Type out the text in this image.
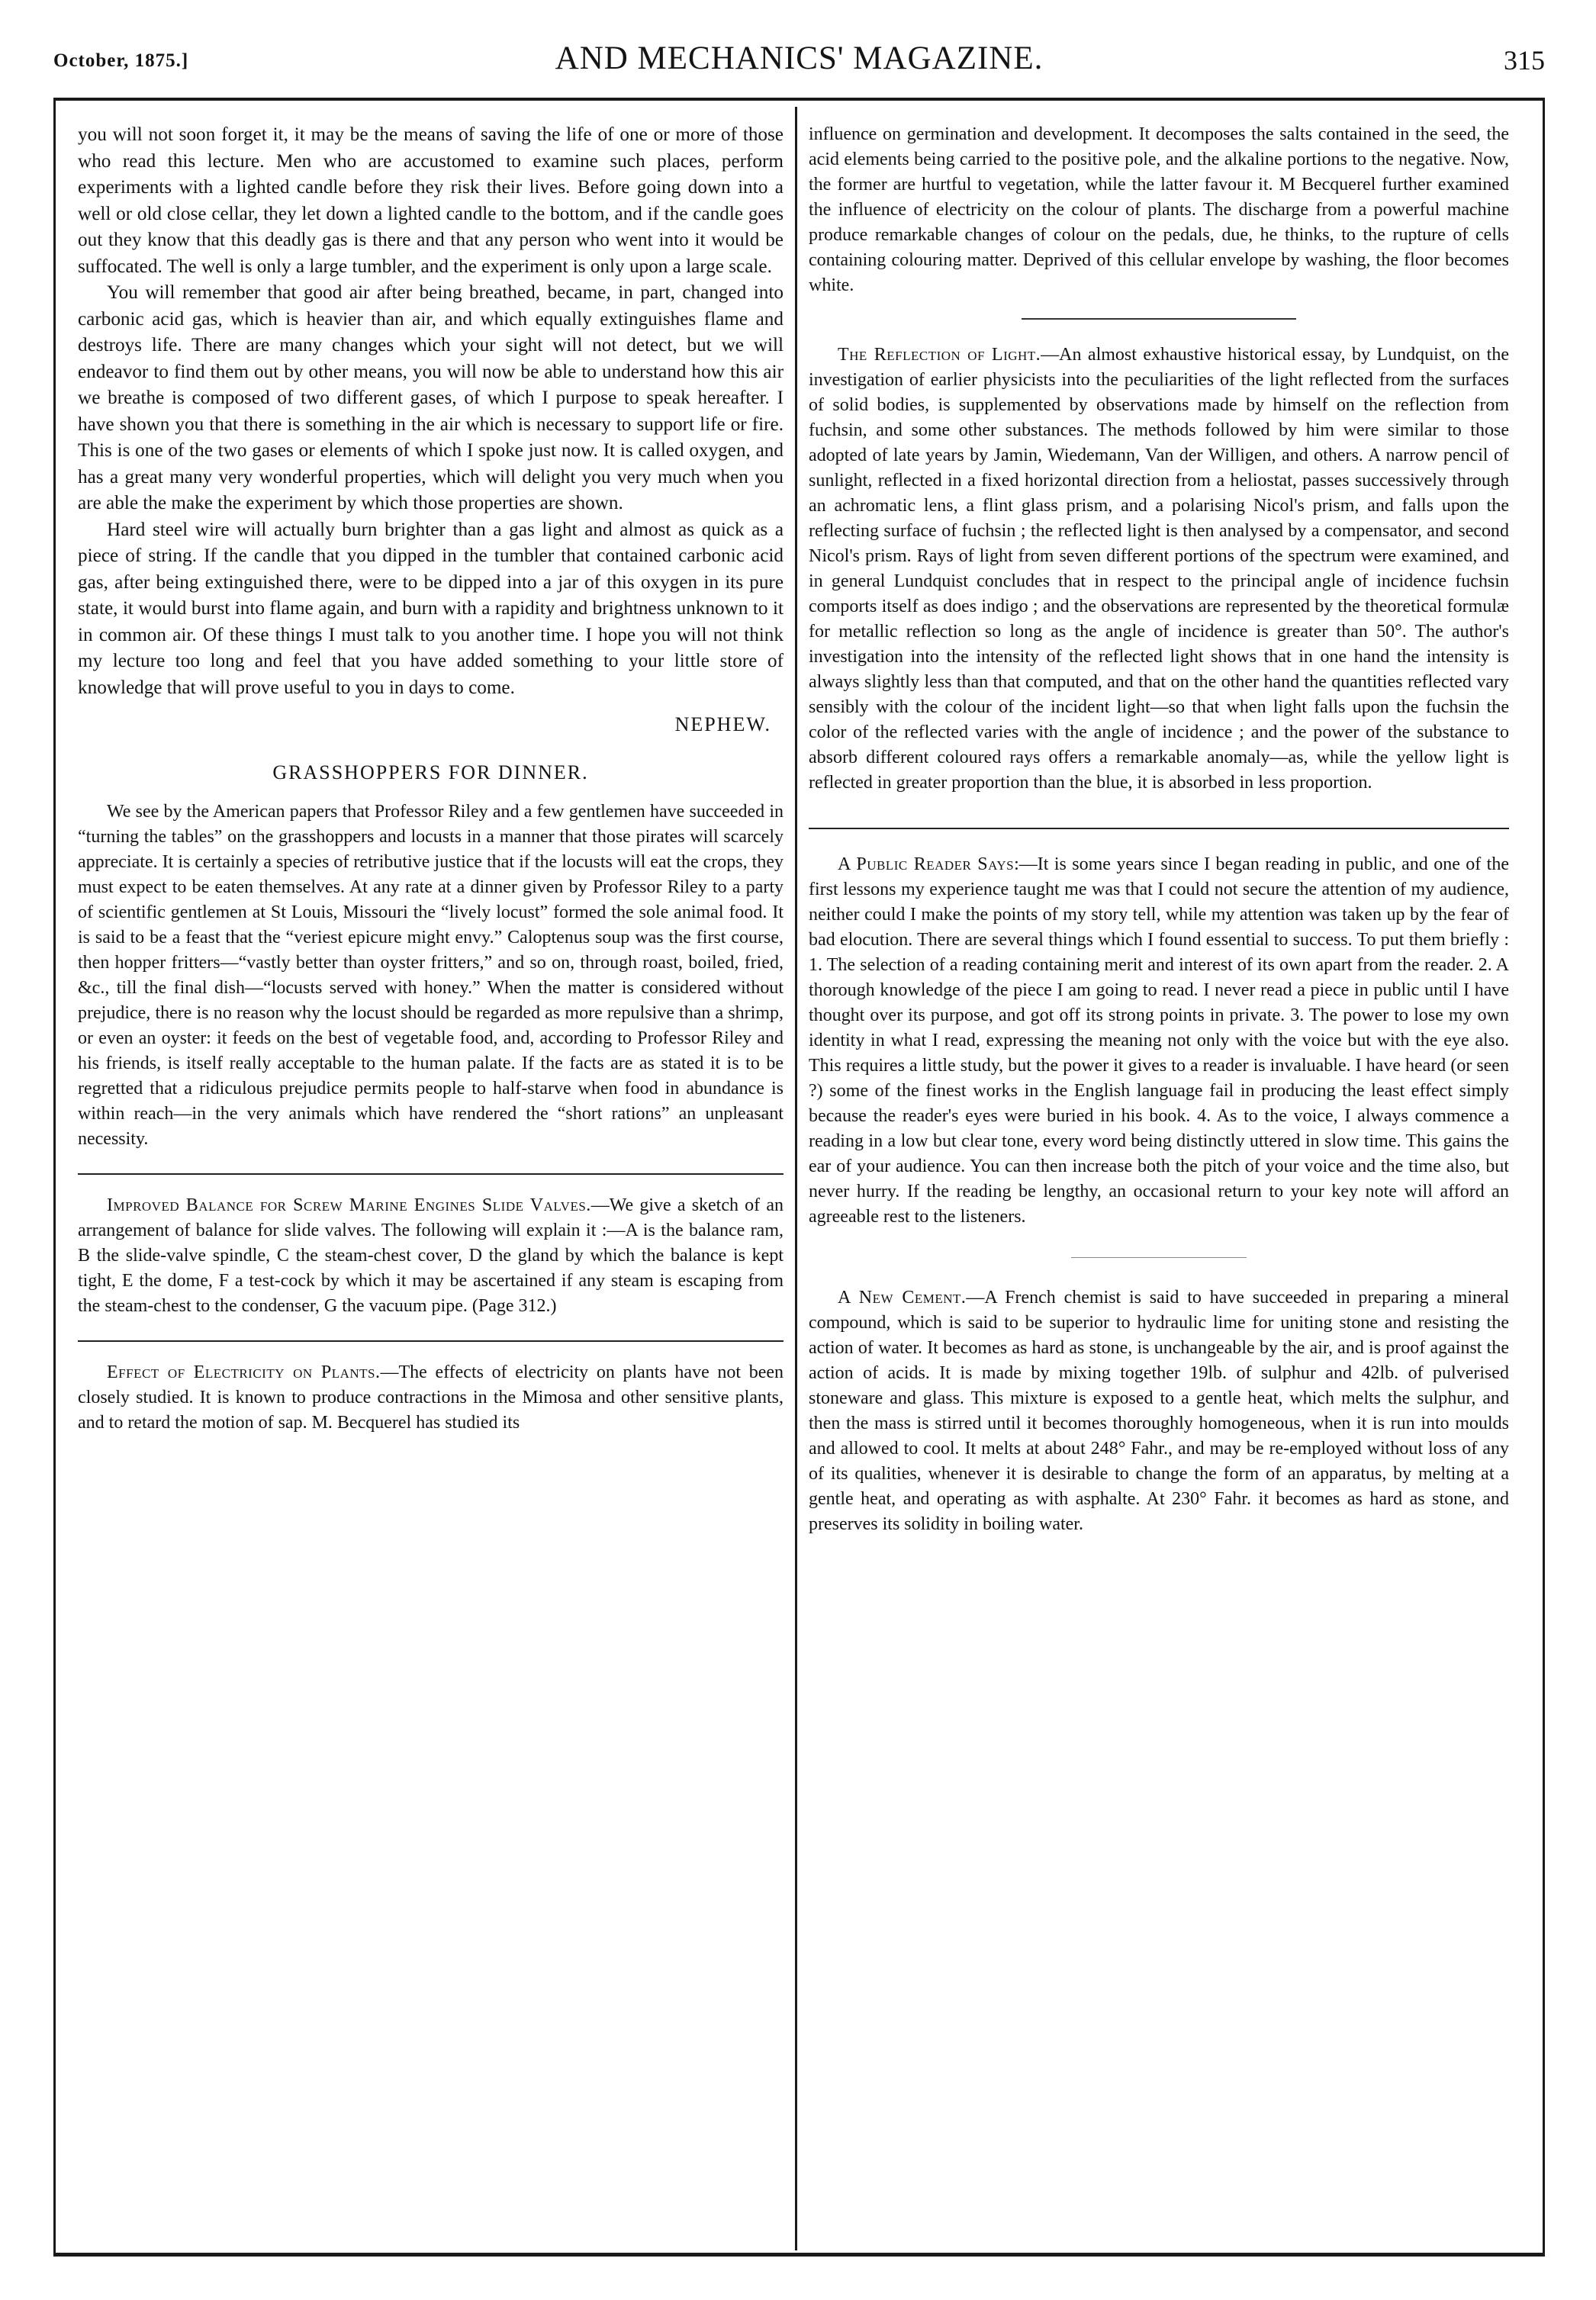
October, 1875.]	AND MECHANICS' MAGAZINE.	315

you will not soon forget it, it may be the means of saving the life of one or more of those who read this lecture. Men who are accustomed to examine such places, perform experiments with a lighted candle before they risk their lives. Before going down into a well or old close cellar, they let down a lighted candle to the bottom, and if the candle goes out they know that this deadly gas is there and that any person who went into it would be suffocated. The well is only a large tumbler, and the experiment is only upon a large scale.

You will remember that good air after being breathed, became, in part, changed into carbonic acid gas, which is heavier than air, and which equally extinguishes flame and destroys life. There are many changes which your sight will not detect, but we will endeavor to find them out by other means, you will now be able to understand how this air we breathe is composed of two different gases, of which I purpose to speak hereafter. I have shown you that there is something in the air which is necessary to support life or fire. This is one of the two gases or elements of which I spoke just now. It is called oxygen, and has a great many very wonderful properties, which will delight you very much when you are able the make the experiment by which those properties are shown.

Hard steel wire will actually burn brighter than a gas light and almost as quick as a piece of string. If the candle that you dipped in the tumbler that contained carbonic acid gas, after being extinguished there, were to be dipped into a jar of this oxygen in its pure state, it would burst into flame again, and burn with a rapidity and brightness unknown to it in common air. Of these things I must talk to you another time. I hope you will not think my lecture too long and feel that you have added something to your little store of knowledge that will prove useful to you in days to come.

NEPHEW.
GRASSHOPPERS FOR DINNER.

We see by the American papers that Professor Riley and a few gentlemen have succeeded in “turning the tables” on the grasshoppers and locusts in a manner that those pirates will scarcely appreciate. It is certainly a species of retributive justice that if the locusts will eat the crops, they must expect to be eaten themselves. At any rate at a dinner given by Professor Riley to a party of scientific gentlemen at St Louis, Missouri the “lively locust” formed the sole animal food. It is said to be a feast that the “veriest epicure might envy.” Caloptenus soup was the first course, then hopper fritters—“vastly better than oyster fritters,” and so on, through roast, boiled, fried, &c., till the final dish—“locusts served with honey.” When the matter is considered without prejudice, there is no reason why the locust should be regarded as more repulsive than a shrimp, or even an oyster: it feeds on the best of vegetable food, and, according to Professor Riley and his friends, is itself really acceptable to the human palate. If the facts are as stated it is to be regretted that a ridiculous prejudice permits people to half-starve when food in abundance is within reach—in the very animals which have rendered the “short rations” an unpleasant necessity.

Improved Balance for Screw Marine Engines Slide Valves.—We give a sketch of an arrangement of balance for slide valves. The following will explain it :—A is the balance ram, B the slide-valve spindle, C the steam-chest cover, D the gland by which the balance is kept tight, E the dome, F a test-cock by which it may be ascertained if any steam is escaping from the steam-chest to the condenser, G the vacuum pipe. (Page 312.)
Effect of Electricity on Plants.—The effects of electricity on plants have not been closely studied. It is known to produce contractions in the Mimosa and other sensitive plants, and to retard the motion of sap. M. Becquerel has studied its

influence on germination and development. It decomposes the salts contained in the seed, the acid elements being carried to the positive pole, and the alkaline portions to the negative. Now, the former are hurtful to vegetation, while the latter favour it. M Becquerel further examined the influence of electricity on the colour of plants. The discharge from a powerful machine produce remarkable changes of colour on the pedals, due, he thinks, to the rupture of cells containing colouring matter. Deprived of this cellular envelope by washing, the floor becomes white.

The Reflection of Light.—An almost exhaustive historical essay, by Lundquist, on the investigation of earlier physicists into the peculiarities of the light reflected from the surfaces of solid bodies, is supplemented by observations made by himself on the reflection from fuchsin, and some other substances. The methods followed by him were similar to those adopted of late years by Jamin, Wiedemann, Van der Willigen, and others. A narrow pencil of sunlight, reflected in a fixed horizontal direction from a heliostat, passes successively through an achromatic lens, a flint glass prism, and a polarising Nicol's prism, and falls upon the reflecting surface of fuchsin ; the reflected light is then analysed by a compensator, and second Nicol's prism. Rays of light from seven different portions of the spectrum were examined, and in general Lundquist concludes that in respect to the principal angle of incidence fuchsin comports itself as does indigo ; and the observations are represented by the theoretical formulæ for metallic reflection so long as the angle of incidence is greater than 50°. The author's investigation into the intensity of the reflected light shows that in one hand the intensity is always slightly less than that computed, and that on the other hand the quantities reflected vary sensibly with the colour of the incident light—so that when light falls upon the fuchsin the color of the reflected varies with the angle of incidence ; and the power of the substance to absorb different coloured rays offers a remarkable anomaly—as, while the yellow light is reflected in greater proportion than the blue, it is absorbed in less proportion.
A Public Reader Says:—It is some years since I began reading in public, and one of the first lessons my experience taught me was that I could not secure the attention of my audience, neither could I make the points of my story tell, while my attention was taken up by the fear of bad elocution. There are several things which I found essential to success. To put them briefly : 1. The selection of a reading containing merit and interest of its own apart from the reader. 2. A thorough knowledge of the piece I am going to read. I never read a piece in public until I have thought over its purpose, and got off its strong points in private. 3. The power to lose my own identity in what I read, expressing the meaning not only with the voice but with the eye also. This requires a little study, but the power it gives to a reader is invaluable. I have heard (or seen ?) some of the finest works in the English language fail in producing the least effect simply because the reader's eyes were buried in his book. 4. As to the voice, I always commence a reading in a low but clear tone, every word being distinctly uttered in slow time. This gains the ear of your audience. You can then increase both the pitch of your voice and the time also, but never hurry. If the reading be lengthy, an occasional return to your key note will afford an agreeable rest to the listeners.
A New Cement.—A French chemist is said to have succeeded in preparing a mineral compound, which is said to be superior to hydraulic lime for uniting stone and resisting the action of water. It becomes as hard as stone, is unchangeable by the air, and is proof against the action of acids. It is made by mixing together 19lb. of sulphur and 42lb. of pulverised stoneware and glass. This mixture is exposed to a gentle heat, which melts the sulphur, and then the mass is stirred until it becomes thoroughly homogeneous, when it is run into moulds and allowed to cool. It melts at about 248° Fahr., and may be re-employed without loss of any of its qualities, whenever it is desirable to change the form of an apparatus, by melting at a gentle heat, and operating as with asphalte. At 230° Fahr. it becomes as hard as stone, and preserves its solidity in boiling water.
